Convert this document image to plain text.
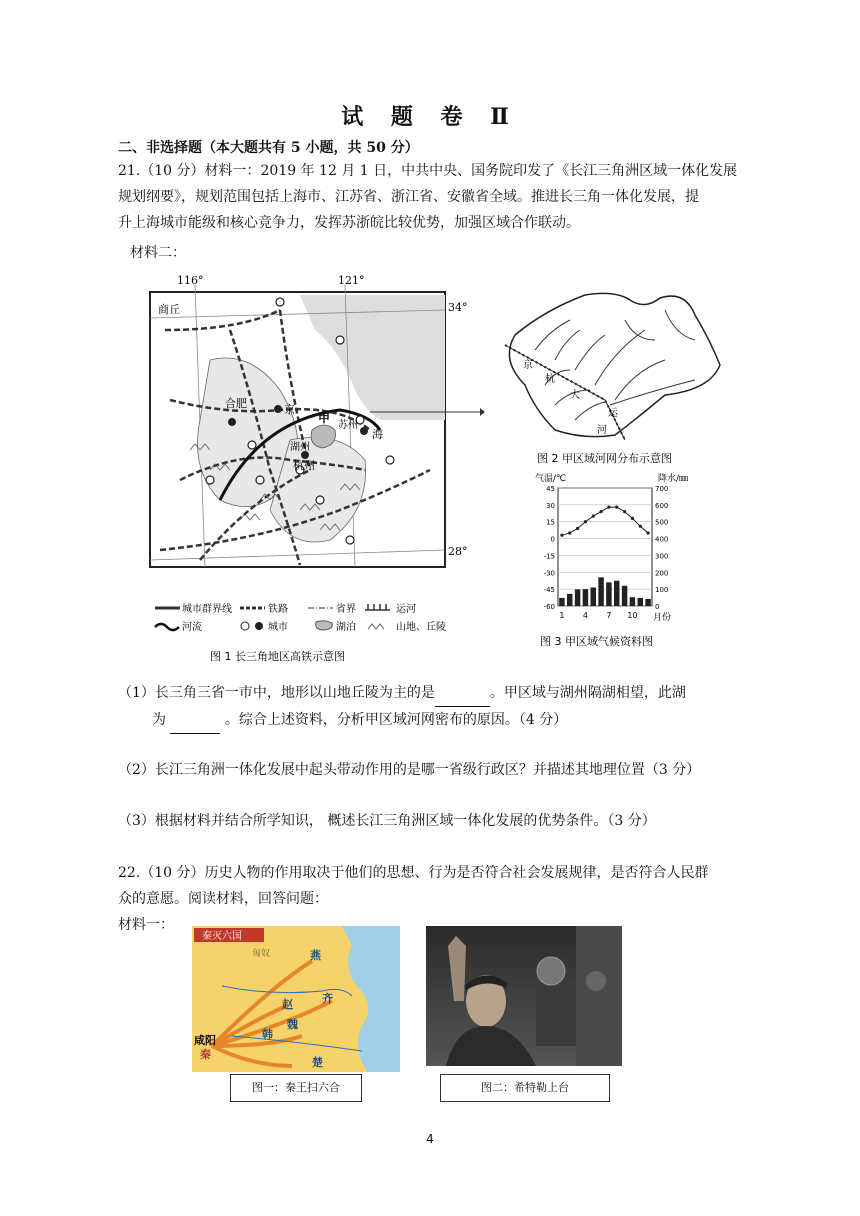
试 题 卷 Ⅱ
二、非选择题（本大题共有 5 小题，共 50 分）
21.（10 分）材料一：2019 年 12 月 1 日，中共中央、国务院印发了《长江三角洲区域一体化发展
规划纲要》，规划范围包括上海市、江苏省、浙江省、安徽省全域。推进长三角一体化发展，提
升上海城市能级和核心竞争力，发挥苏浙皖比较优势，加强区域合作联动。
材料二：
116°	121°
34°
28°
商丘
合肥	京
甲
苏州
海
湖州
杭州
城市群界线	铁路	省界	运河
河流	城市	湖泊	山地、丘陵
图 1 长三角地区高铁示意图
京
杭
大
运
河
图 2 甲区域河网分布示意图
气温/℃	降水/㎜
45
30
15
0
-15
-30
-45
-60
700
600
500
400
300
200
100
0
1 4 7 10 月份
图 3 甲区域气候资料图
（1）长三角三省一市中，地形以山地丘陵为主的是	。甲区域与湖州隔湖相望，此湖
为	。综合上述资料，分析甲区域河网密布的原因。（4 分）
（2）长江三角洲一体化发展中起头带动作用的是哪一省级行政区？并描述其地理位置（3 分）
（3）根据材料并结合所学知识， 概述长江三角洲区域一体化发展的优势条件。（3 分）
22.（10 分）历史人物的作用取决于他们的思想、行为是否符合社会发展规律，是否符合人民群
众的意愿。阅读材料，回答问题：
材料一：
秦灭六国
咸阳
秦
燕
齐
赵
魏
韩
楚
匈奴
图一：秦王扫六合	图二：希特勒上台
4
